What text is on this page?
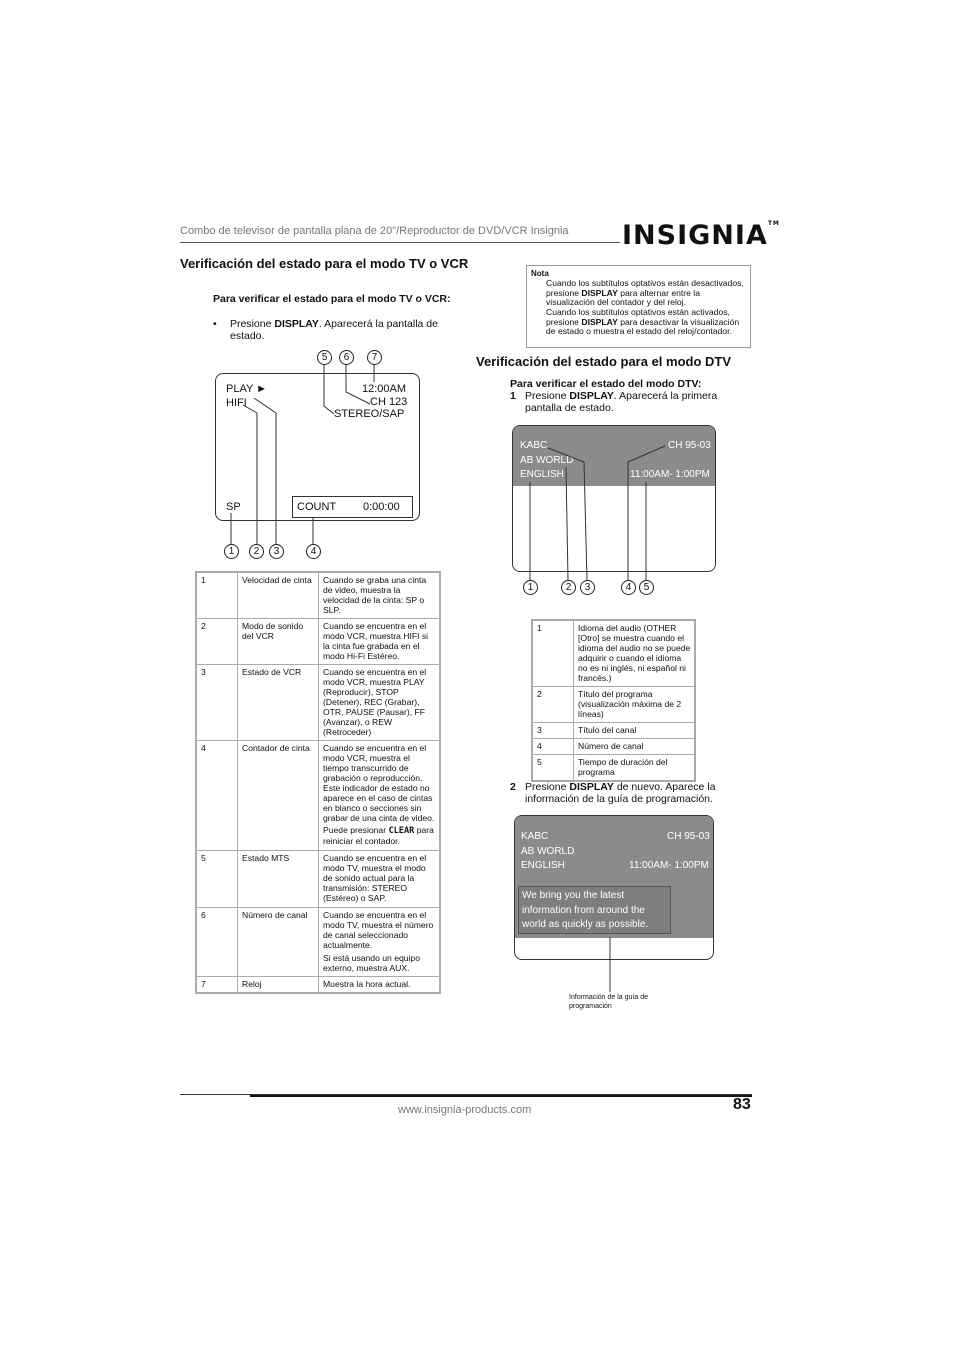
Combo de televisor de pantalla plana de 20"/Reproductor de DVD/VCR Insignia INSIGNIA™
Verificación del estado para el modo TV o VCR
Para verificar el estado para el modo TV o VCR:
• Presione DISPLAY. Aparecerá la pantalla de estado.
PLAY ►
HIFI
12:00AM
CH 123
STEREO/SAP
SP	COUNT 0:00:00
5	6	7
1	2	3	4
1	Velocidad de cinta	Cuando se graba una cinta de video, muestra la velocidad de la cinta: SP o SLP.
2	Modo de sonido del VCR	Cuando se encuentra en el modo VCR, muestra HIFI si la cinta fue grabada en el modo Hi-Fi Estéreo.
3	Estado de VCR	Cuando se encuentra en el modo VCR, muestra PLAY (Reproducir), STOP (Detener), REC (Grabar), OTR, PAUSE (Pausar), FF (Avanzar), o REW (Retroceder)
4	Contador de cinta	Cuando se encuentra en el modo VCR, muestra el tiempo transcurrido de grabación o reproducción. Este indicador de estado no aparece en el caso de cintas en blanco o secciones sin grabar de una cinta de video.
Puede presionar CLEAR para reiniciar el contador.

5	Estado MTS	Cuando se encuentra en el modo TV, muestra el modo de sonido actual para la transmisión: STEREO (Estéreo) o SAP.
6	Número de canal	Cuando se encuentra en el modo TV, muestra el número de canal seleccionado actualmente.
Si está usando un equipo externo, muestra AUX.

7	Reloj	Muestra la hora actual.
Nota
Cuando los subtítulos optativos están desactivados, presione DISPLAY para alternar entre la visualización del contador y del reloj.
Cuando los subtítulos optativos están activados, presione DISPLAY para desactivar la visualización de estado o muestra el estado del reloj/contador.
Verificación del estado para el modo DTV
Para verificar el estado del modo DTV:
1 Presione DISPLAY. Aparecerá la primera pantalla de estado.
KABC
AB WORLD
ENGLISH
CH 95-03
11:00AM- 1:00PM
1	2	3	4	5
1	Idioma del audio (OTHER [Otro] se muestra cuando el idioma del audio no se puede adquirir o cuando el idioma no es ni inglés, ni español ni francés.)
2	Título del programa (visualización máxima de 2 líneas)
3	Título del canal
4	Número de canal
5	Tiempo de duración del programa
2 Presione DISPLAY de nuevo. Aparece la información de la guía de programación.
KABC
AB WORLD
ENGLISH
CH 95-03
11:00AM- 1:00PM
We bring you the latest information from around the world as quickly as possible.
Información de la guía de programación
www.insignia-products.com	83
